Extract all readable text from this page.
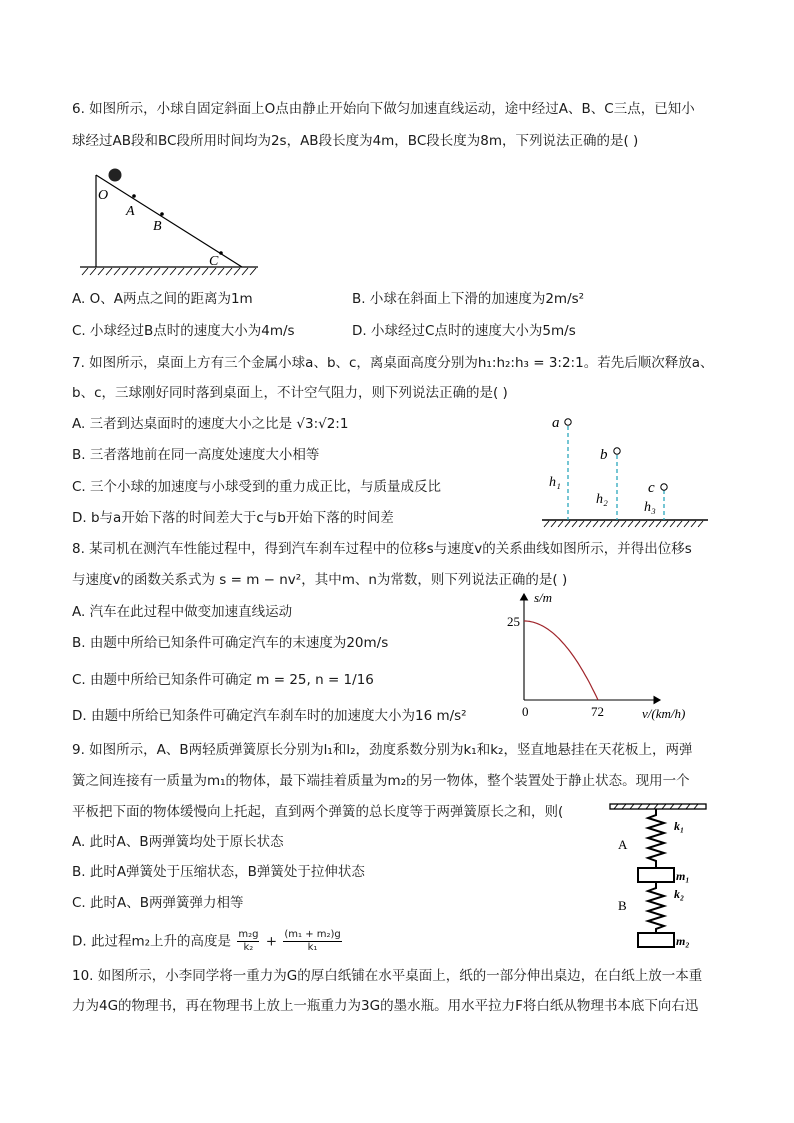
6. 如图所示，小球自固定斜面上O点由静止开始向下做匀加速直线运动，途中经过A、B、C三点，已知小
球经过AB段和BC段所用时间均为2s，AB段长度为4m，BC段长度为8m，下列说法正确的是( )
O
A
B
C
A. O、A两点之间的距离为1m	B. 小球在斜面上下滑的加速度为2m/s²
C. 小球经过B点时的速度大小为4m/s	D. 小球经过C点时的速度大小为5m/s
7. 如图所示，桌面上方有三个金属小球a、b、c，离桌面高度分别为h₁:h₂:h₃ = 3:2:1。若先后顺次释放a、
b、c，三球刚好同时落到桌面上，不计空气阻力，则下列说法正确的是( )
A. 三者到达桌面时的速度大小之比是 √3:√2:1
B. 三者落地前在同一高度处速度大小相等
C. 三个小球的加速度与小球受到的重力成正比，与质量成反比
D. b与a开始下落的时间差大于c与b开始下落的时间差
a
b
c
h₁
h₂
h₃
8. 某司机在测汽车性能过程中，得到汽车刹车过程中的位移s与速度v的关系曲线如图所示，并得出位移s
与速度v的函数关系式为 s = m − nv²，其中m、n为常数，则下列说法正确的是( )
A. 汽车在此过程中做变加速直线运动
B. 由题中所给已知条件可确定汽车的末速度为20m/s
C. 由题中所给已知条件可确定 m = 25, n = 1/16
D. 由题中所给已知条件可确定汽车刹车时的加速度大小为16 m/s²
s/m
v/(km/h)
25
72
0
9. 如图所示，A、B两轻质弹簧原长分别为l₁和l₂，劲度系数分别为k₁和k₂，竖直地悬挂在天花板上，两弹
簧之间连接有一质量为m₁的物体，最下端挂着质量为m₂的另一物体，整个装置处于静止状态。现用一个
平板把下面的物体缓慢向上托起，直到两个弹簧的总长度等于两弹簧原长之和，则(
A. 此时A、B两弹簧均处于原长状态
B. 此时A弹簧处于压缩状态，B弹簧处于拉伸状态
C. 此时A、B两弹簧弹力相等
D. 此过程m₂上升的高度是 $\frac{\text{m₂g}}{\text{k₂}} + \frac{\text{(m₁ + m₂)g}}{\text{k₁}}$
A
B
k₁
m₁
k₂
m₂
10. 如图所示，小李同学将一重力为G的厚白纸铺在水平桌面上，纸的一部分伸出桌边，在白纸上放一本重
力为4G的物理书，再在物理书上放上一瓶重力为3G的墨水瓶。用水平拉力F将白纸从物理书本底下向右迅
